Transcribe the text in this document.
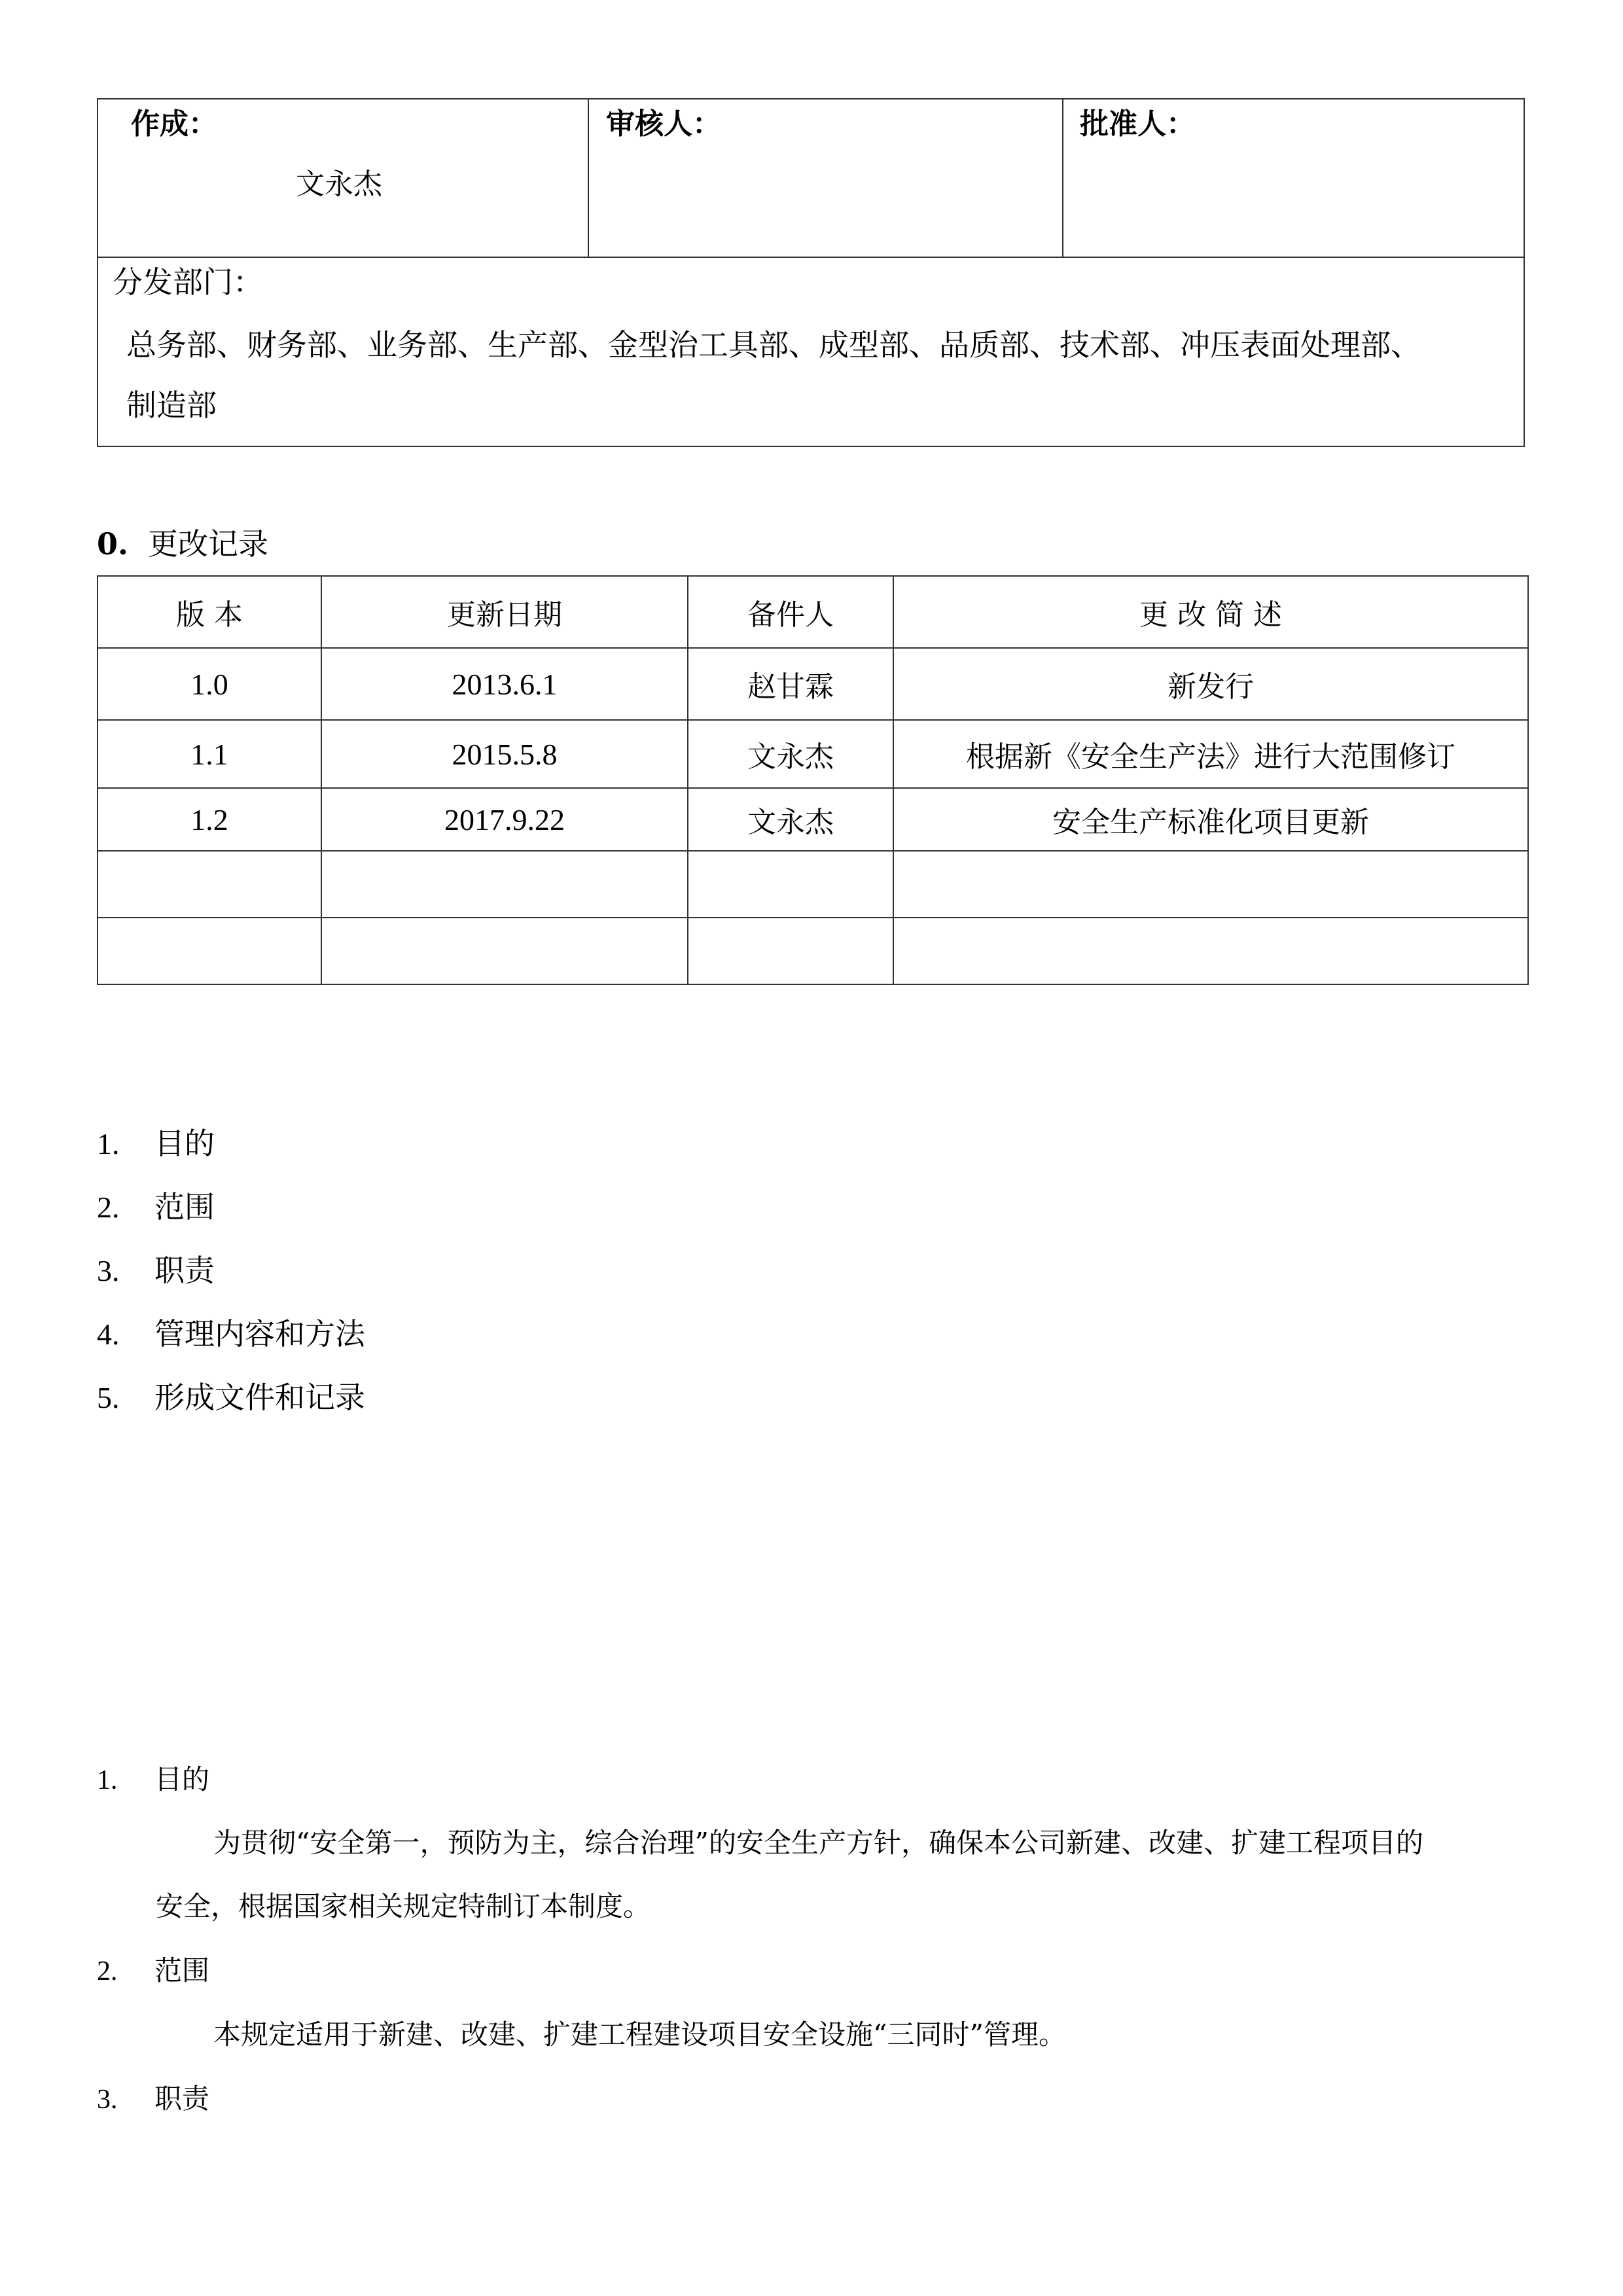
作成：
文永杰
审核人：	批准人：
分发部门：
总务部、财务部、业务部、生产部、金型治工具部、成型部、品质部、技术部、冲压表面处理部、
制造部
0. 更改记录
版 本	更新日期	备件人	更 改 简 述
1.0	2013.6.1	赵甘霖	新发行
1.1	2015.5.8	文永杰	根据新《安全生产法》进行大范围修订
1.2	2017.9.22	文永杰	安全生产标准化项目更新

1. 目的
2. 范围
3. 职责
4. 管理内容和方法
5. 形成文件和记录
1. 目的
为贯彻“安全第一，预防为主，综合治理”的安全生产方针，确保本公司新建、改建、扩建工程项目的
安全，根据国家相关规定特制订本制度。
2. 范围
本规定适用于新建、改建、扩建工程建设项目安全设施“三同时”管理。
3. 职责
